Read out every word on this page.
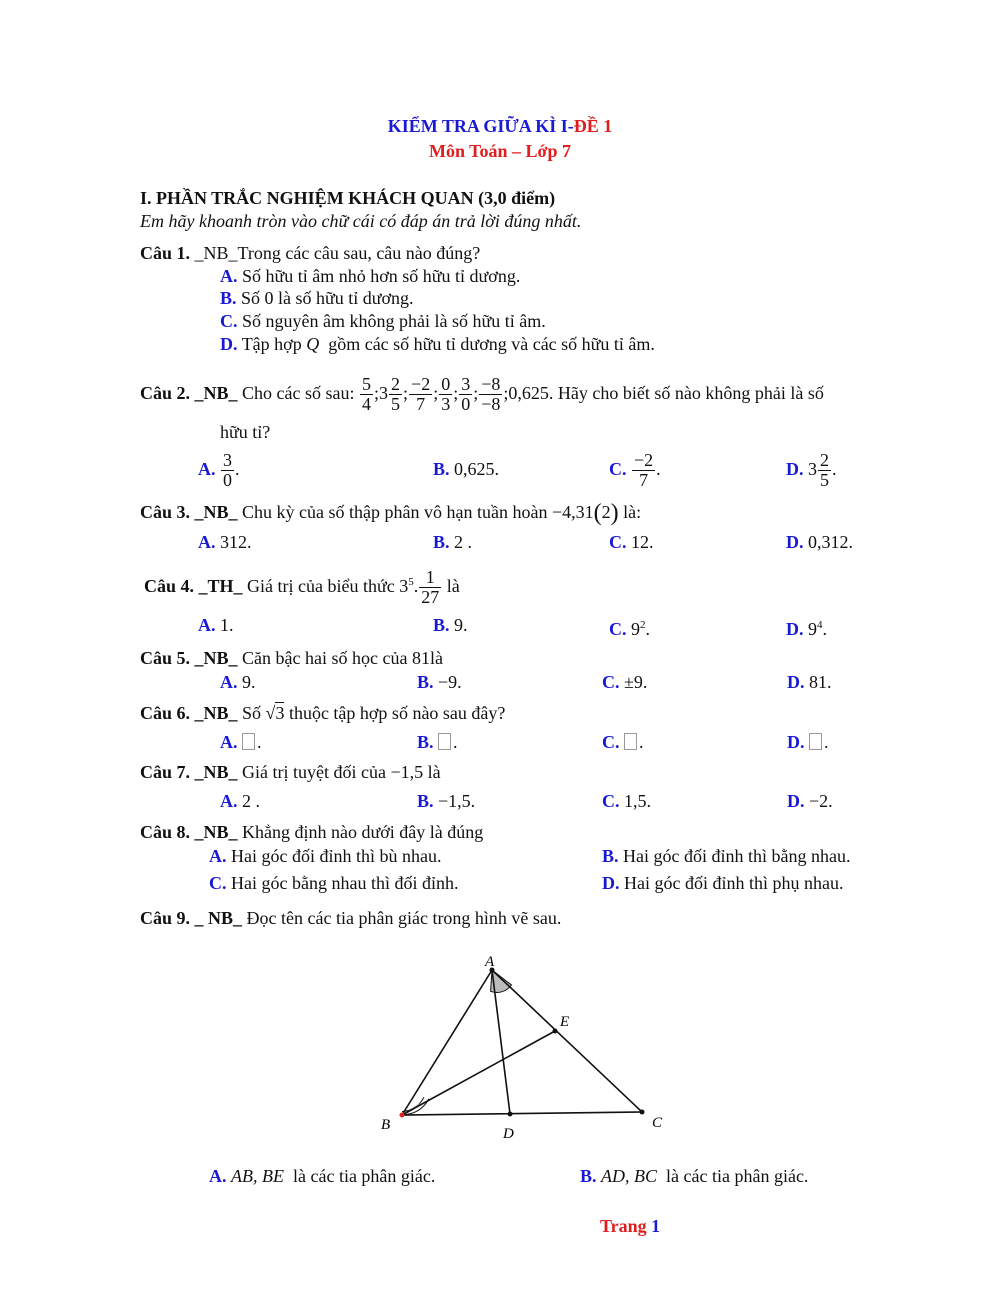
KIỂM TRA GIỮA KÌ I-ĐỀ 1
Môn Toán – Lớp 7
I. PHẦN TRẮC NGHIỆM KHÁCH QUAN (3,0 điểm)
Em hãy khoanh tròn vào chữ cái có đáp án trả lời đúng nhất.
Câu 1. _NB_Trong các câu sau, câu nào đúng?
A. Số hữu tỉ âm nhỏ hơn số hữu tỉ dương.
B. Số 0 là số hữu tỉ dương.
C. Số nguyên âm không phải là số hữu tỉ âm.
D. Tập hợp Q gồm các số hữu tỉ dương và các số hữu tỉ âm.
Câu 2. _NB_ Cho các số sau: $\frac{5}{4}$ ;3 $\frac{2}{5}$ ; $\frac{-2}{7}$ ; $\frac{0}{3}$ ; $\frac{3}{0}$ ; $\frac{-8}{-8}$ ;0,625. Hãy cho biết số nào không phải là số
hữu tỉ?
A. $\frac{3}{0}$ .	B. 0,625.	C. $\frac{-2}{7}$ .	D. $3 \frac{2}{5}$ .
Câu 3. _NB_ Chu kỳ của số thập phân vô hạn tuần hoàn −4,31(2) là:
A. 312.	B. 2 .	C. 12.	D. 0,312.
Câu 4. _TH_ Giá trị của biểu thức $3^5$. $\frac{1}{27}$ là
A. 1.	B. 9.	C. $9^2$.	D. $9^4$.
Câu 5. _NB_ Căn bậc hai số học của 81là
A. 9.	B. −9.	C. ±9.	D. 81.
Câu 6. _NB_ Số √3 thuộc tập hợp số nào sau đây?
A. .	B. .	C. .	D. .
Câu 7. _NB_ Giá trị tuyệt đối của −1,5 là
A. 2 .	B. −1,5.	C. 1,5.	D. −2.
Câu 8. _NB_ Khẳng định nào dưới đây là đúng
A. Hai góc đối đỉnh thì bù nhau.	B. Hai góc đối đỉnh thì bằng nhau.
C. Hai góc bằng nhau thì đối đỉnh.	D. Hai góc đối đỉnh thì phụ nhau.
Câu 9. _ NB_ Đọc tên các tia phân giác trong hình vẽ sau.
A
B	C
D
E
A. AB, BE là các tia phân giác.	B. AD, BC là các tia phân giác.
Trang 1
